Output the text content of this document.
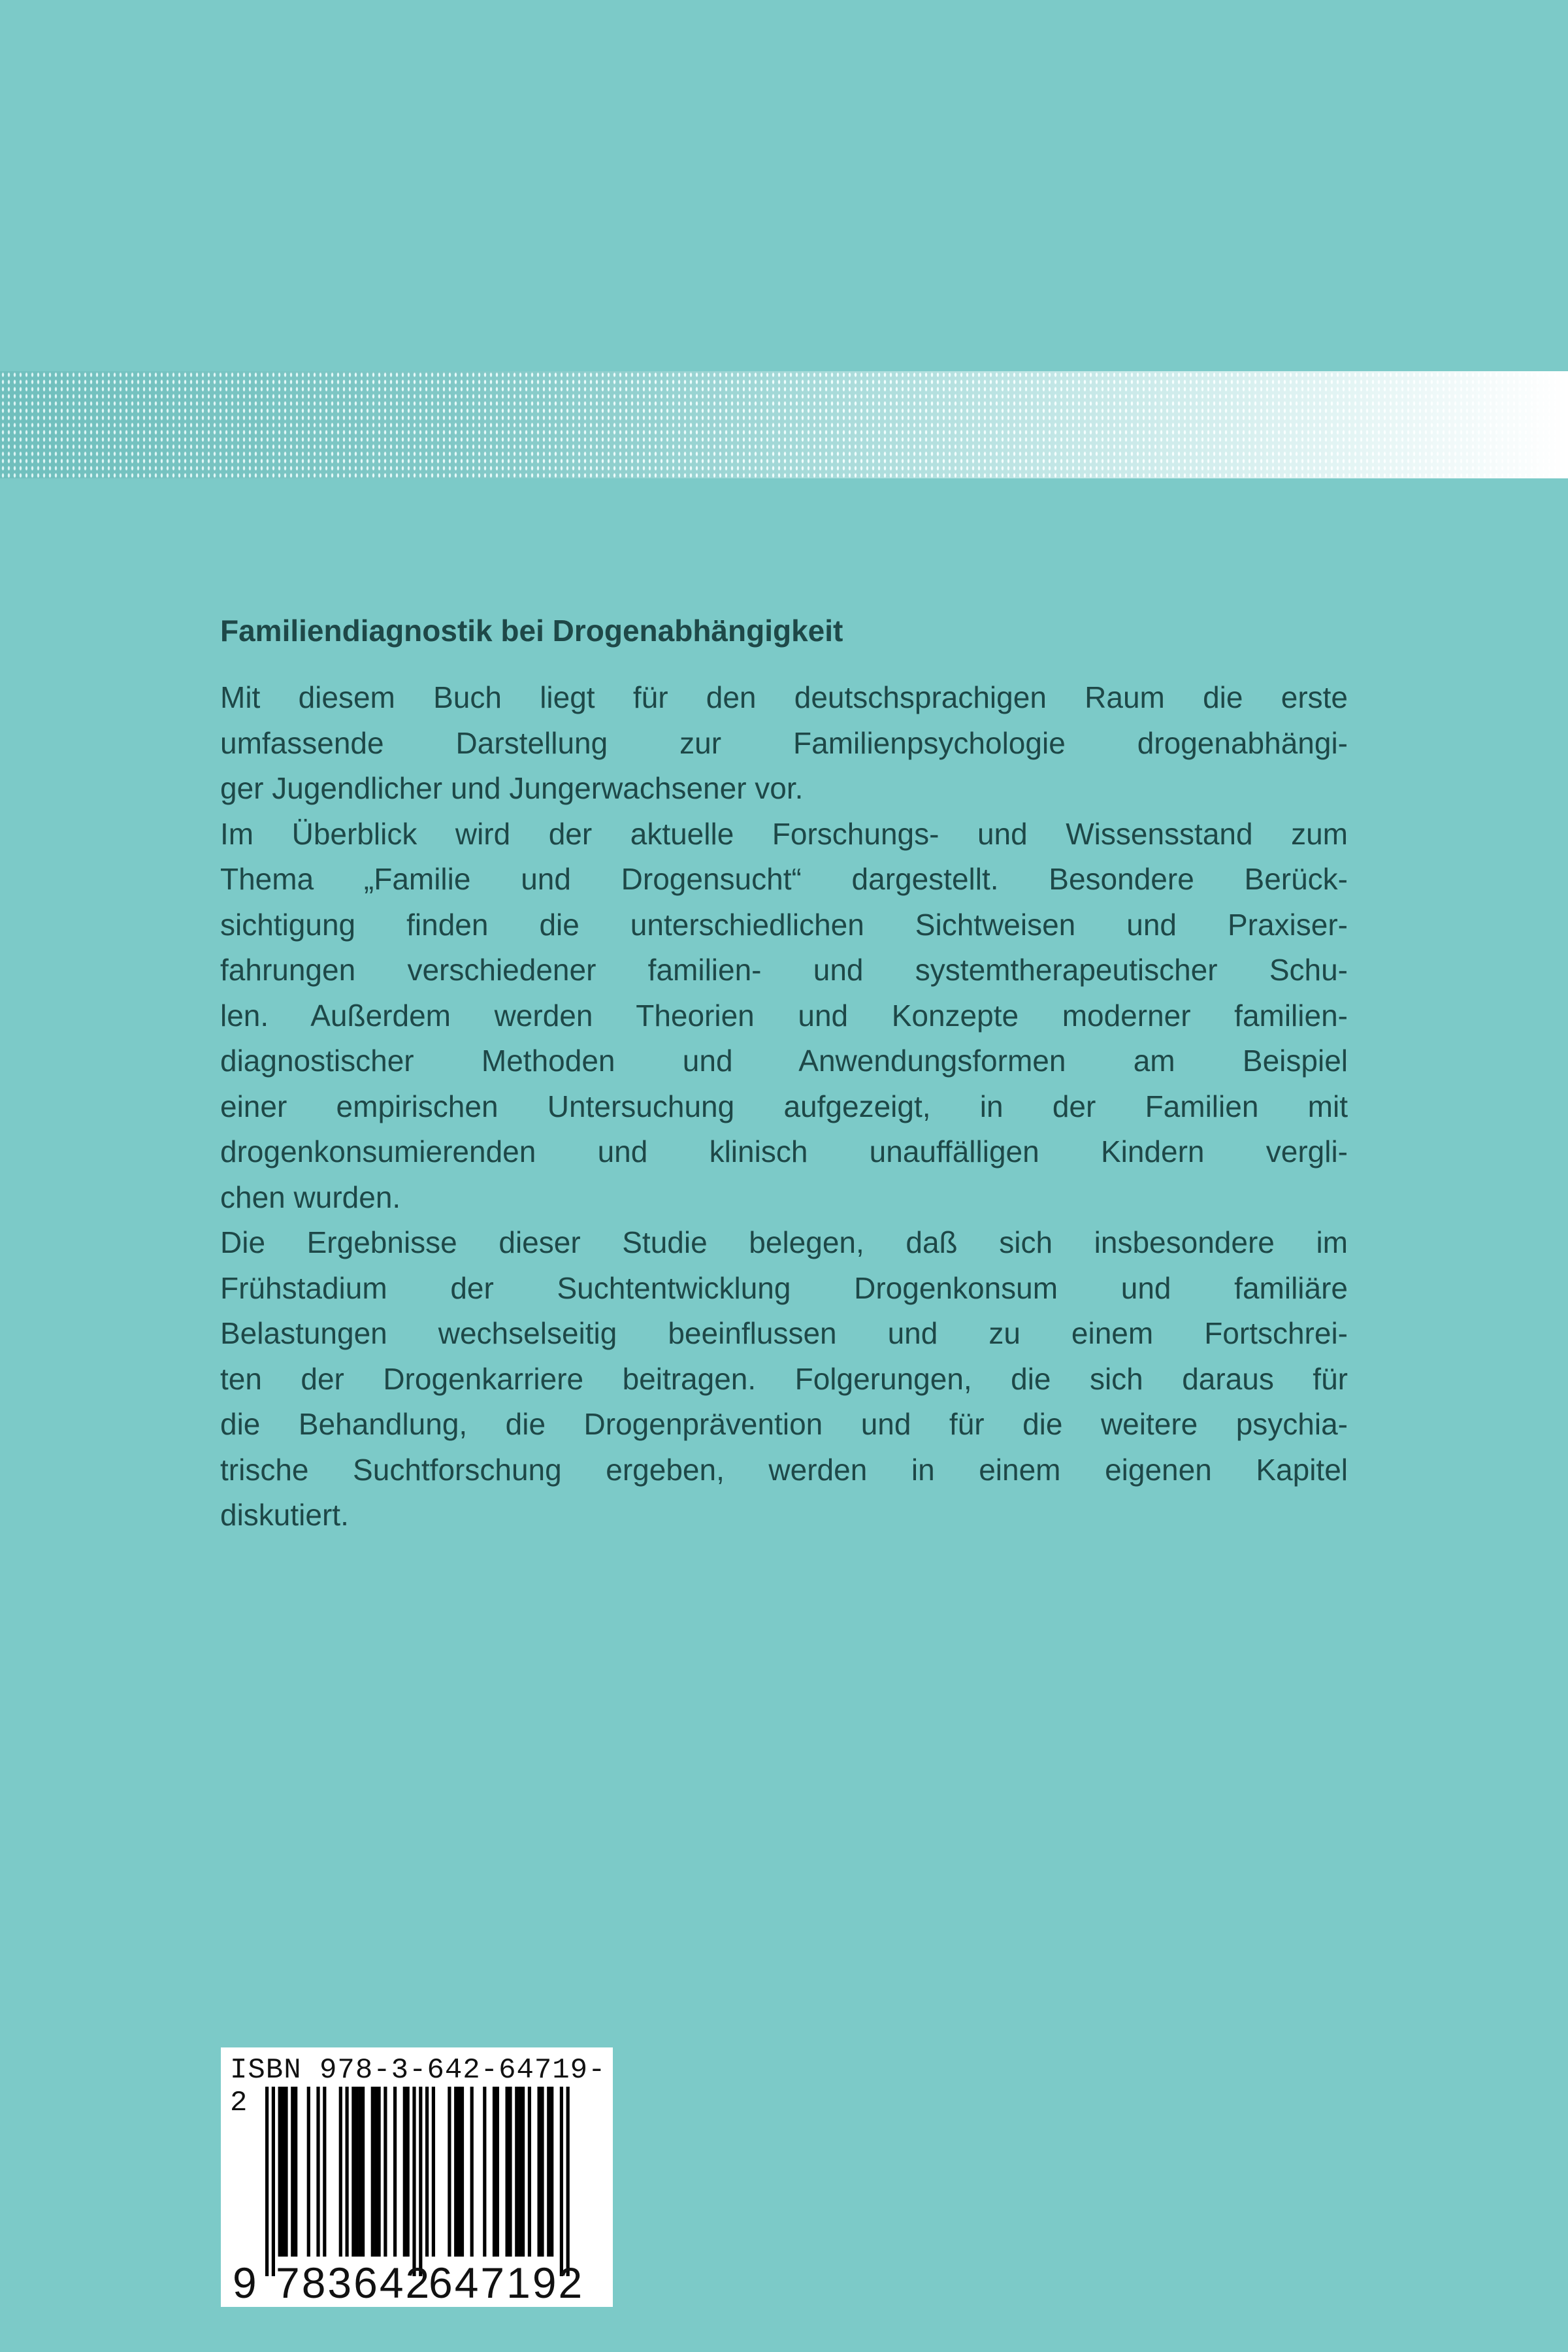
Familiendiagnostik bei Drogenabhängigkeit
Mit diesem Buch liegt für den deutschsprachigen Raum die erste
umfassende Darstellung zur Familienpsychologie drogenabhängi-
ger Jugendlicher und Jungerwachsener vor.
Im Überblick wird der aktuelle Forschungs- und Wissensstand zum
Thema „Familie und Drogensucht“ dargestellt. Besondere Berück-
sichtigung finden die unterschiedlichen Sichtweisen und Praxiser-
fahrungen verschiedener familien- und systemtherapeutischer Schu-
len. Außerdem werden Theorien und Konzepte moderner familien-
diagnostischer Methoden und Anwendungsformen am Beispiel
einer empirischen Untersuchung aufgezeigt, in der Familien mit
drogenkonsumierenden und klinisch unauffälligen Kindern vergli-
chen wurden.
Die Ergebnisse dieser Studie belegen, daß sich insbesondere im
Frühstadium der Suchtentwicklung Drogenkonsum und familiäre
Belastungen wechselseitig beeinflussen und zu einem Fortschrei-
ten der Drogenkarriere beitragen. Folgerungen, die sich daraus für
die Behandlung, die Drogenprävention und für die weitere psychia-
trische Suchtforschung ergeben, werden in einem eigenen Kapitel
diskutiert.
ISBN 978-3-642-64719-2
9 783642
647192
